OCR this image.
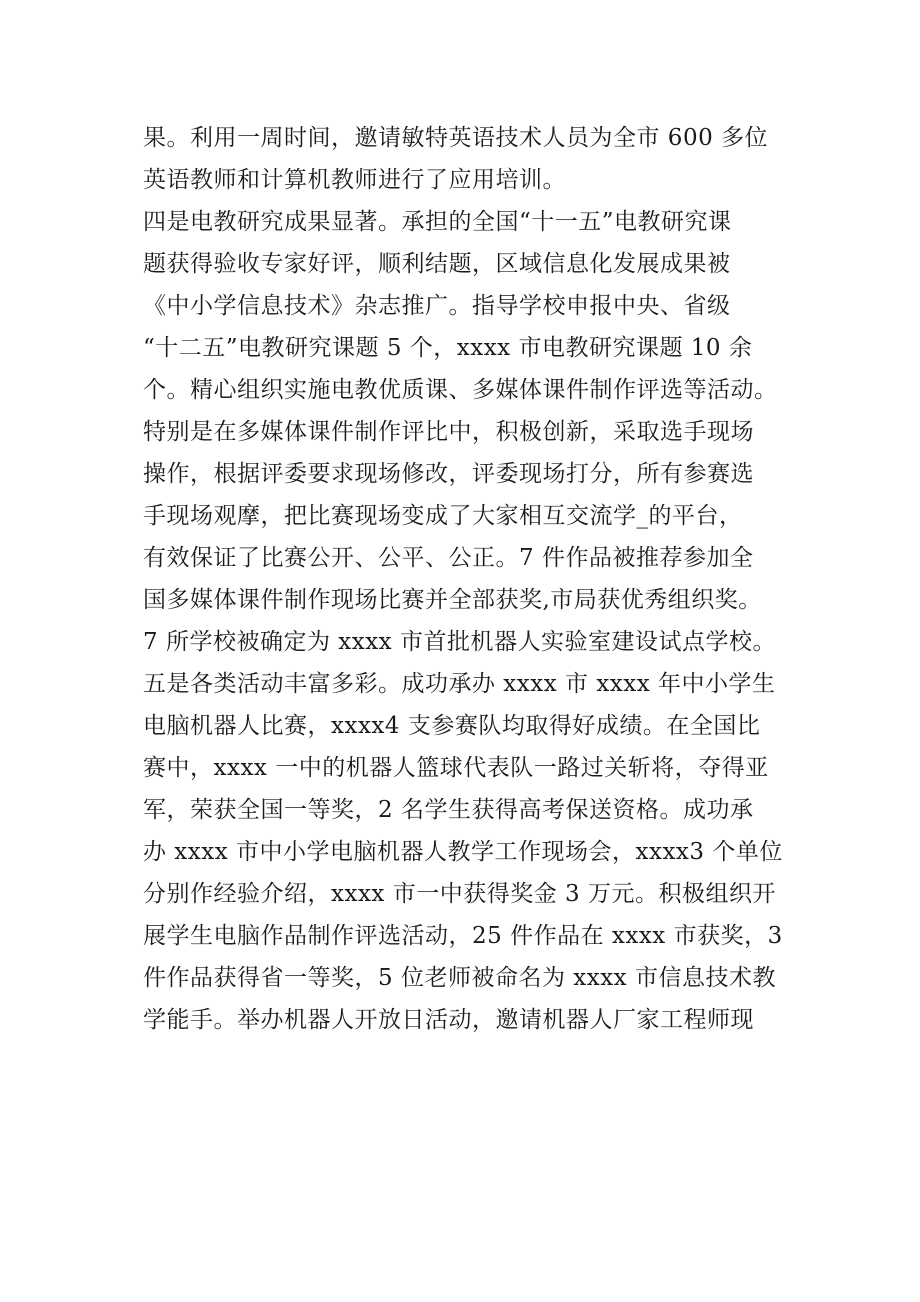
果。利用一周时间，邀请敏特英语技术人员为全市 600 多位
英语教师和计算机教师进行了应用培训。
四是电教研究成果显著。承担的全国“十一五”电教研究课
题获得验收专家好评，顺利结题，区域信息化发展成果被
《中小学信息技术》杂志推广。指导学校申报中央、省级
“十二五”电教研究课题 5 个，xxxx 市电教研究课题 10 余
个。精心组织实施电教优质课、多媒体课件制作评选等活动。
特别是在多媒体课件制作评比中，积极创新，采取选手现场
操作，根据评委要求现场修改，评委现场打分，所有参赛选
手现场观摩，把比赛现场变成了大家相互交流学_的平台，
有效保证了比赛公开、公平、公正。7 件作品被推荐参加全
国多媒体课件制作现场比赛并全部获奖,市局获优秀组织奖。
7 所学校被确定为 xxxx 市首批机器人实验室建设试点学校。
五是各类活动丰富多彩。成功承办 xxxx 市 xxxx 年中小学生
电脑机器人比赛，xxxx4 支参赛队均取得好成绩。在全国比
赛中，xxxx 一中的机器人篮球代表队一路过关斩将，夺得亚
军，荣获全国一等奖，2 名学生获得高考保送资格。成功承
办 xxxx 市中小学电脑机器人教学工作现场会，xxxx3 个单位
分别作经验介绍，xxxx 市一中获得奖金 3 万元。积极组织开
展学生电脑作品制作评选活动，25 件作品在 xxxx 市获奖，3
件作品获得省一等奖，5 位老师被命名为 xxxx 市信息技术教
学能手。举办机器人开放日活动，邀请机器人厂家工程师现
